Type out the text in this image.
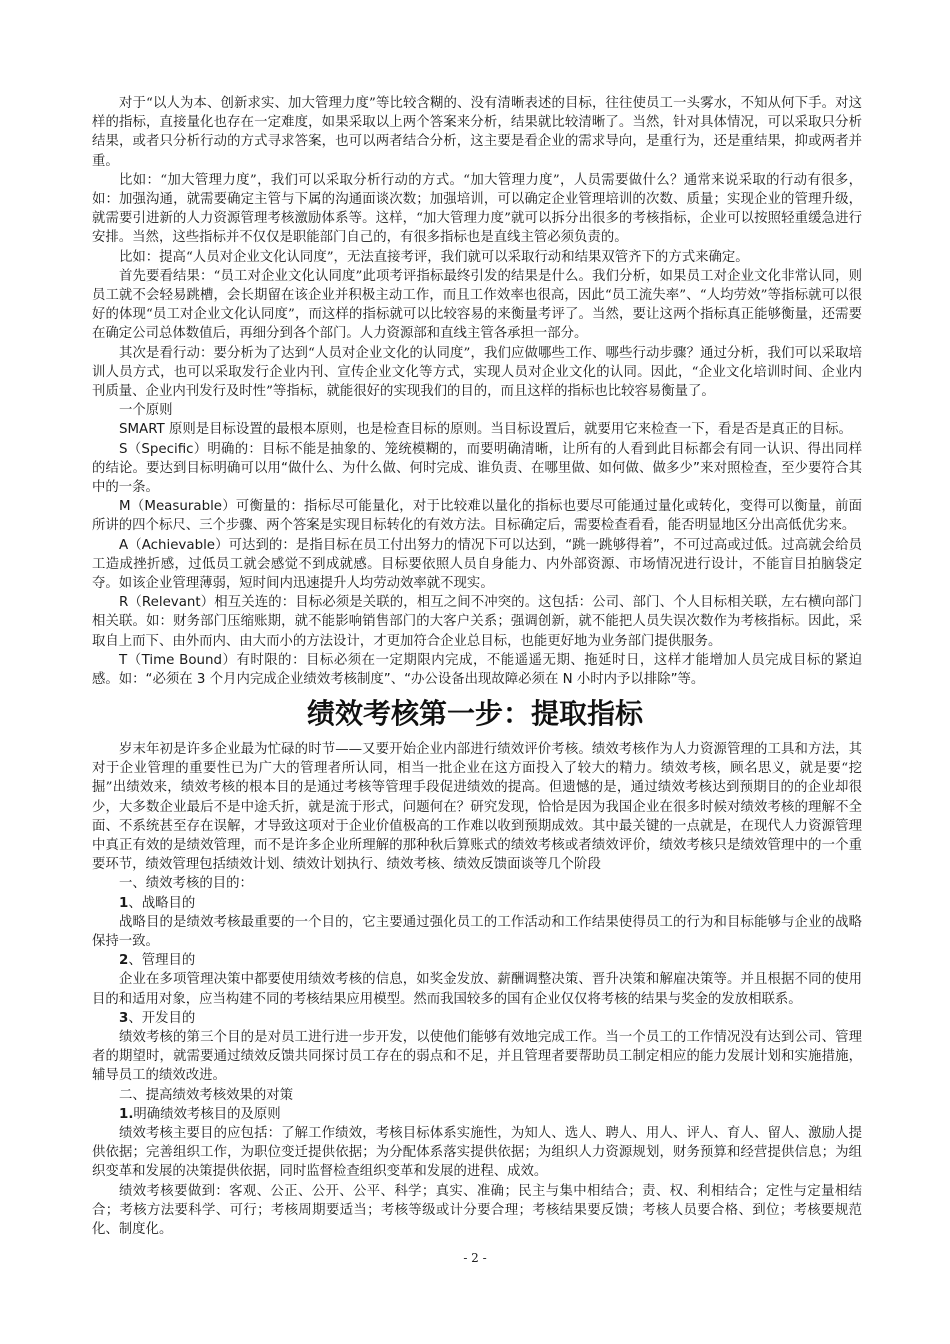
对于“以人为本、创新求实、加大管理力度”等比较含糊的、没有清晰表述的目标，往往使员工一头雾水，不知从何下手。对这样的指标，直接量化也存在一定难度，如果采取以上两个答案来分析，结果就比较清晰了。当然，针对具体情况，可以采取只分析结果，或者只分析行动的方式寻求答案，也可以两者结合分析，这主要是看企业的需求导向，是重行为，还是重结果，抑或两者并重。

比如：“加大管理力度”，我们可以采取分析行动的方式。“加大管理力度”，人员需要做什么？通常来说采取的行动有很多，如：加强沟通，就需要确定主管与下属的沟通面谈次数；加强培训，可以确定企业管理培训的次数、质量；实现企业的管理升级，就需要引进新的人力资源管理考核激励体系等。这样，“加大管理力度”就可以拆分出很多的考核指标，企业可以按照轻重缓急进行安排。当然，这些指标并不仅仅是职能部门自己的，有很多指标也是直线主管必须负责的。

比如：提高“人员对企业文化认同度”，无法直接考评，我们就可以采取行动和结果双管齐下的方式来确定。

首先要看结果：“员工对企业文化认同度”此项考评指标最终引发的结果是什么。我们分析，如果员工对企业文化非常认同，则员工就不会轻易跳槽，会长期留在该企业并积极主动工作，而且工作效率也很高，因此“员工流失率”、“人均劳效”等指标就可以很好的体现“员工对企业文化认同度”，而这样的指标就可以比较容易的来衡量考评了。当然，要让这两个指标真正能够衡量，还需要在确定公司总体数值后，再细分到各个部门。人力资源部和直线主管各承担一部分。

其次是看行动：要分析为了达到“人员对企业文化的认同度”，我们应做哪些工作、哪些行动步骤？通过分析，我们可以采取培训人员方式，也可以采取发行企业内刊、宣传企业文化等方式，实现人员对企业文化的认同。因此，“企业文化培训时间、企业内刊质量、企业内刊发行及时性”等指标，就能很好的实现我们的目的，而且这样的指标也比较容易衡量了。

一个原则

SMART 原则是目标设置的最根本原则，也是检查目标的原则。当目标设置后，就要用它来检查一下，看是否是真正的目标。

S（Specific）明确的：目标不能是抽象的、笼统模糊的，而要明确清晰，让所有的人看到此目标都会有同一认识、得出同样的结论。要达到目标明确可以用“做什么、为什么做、何时完成、谁负责、在哪里做、如何做、做多少”来对照检查，至少要符合其中的一条。

M（Measurable）可衡量的：指标尽可能量化，对于比较难以量化的指标也要尽可能通过量化或转化，变得可以衡量，前面所讲的四个标尺、三个步骤、两个答案是实现目标转化的有效方法。目标确定后，需要检查看看，能否明显地区分出高低优劣来。

A（Achievable）可达到的：是指目标在员工付出努力的情况下可以达到，“跳一跳够得着”，不可过高或过低。过高就会给员工造成挫折感，过低员工就会感觉不到成就感。目标要依照人员自身能力、内外部资源、市场情况进行设计，不能盲目拍脑袋定夺。如该企业管理薄弱，短时间内迅速提升人均劳动效率就不现实。

R（Relevant）相互关连的：目标必须是关联的，相互之间不冲突的。这包括：公司、部门、个人目标相关联，左右横向部门相关联。如：财务部门压缩账期，就不能影响销售部门的大客户关系；强调创新，就不能把人员失误次数作为考核指标。因此，采取自上而下、由外而内、由大而小的方法设计，才更加符合企业总目标，也能更好地为业务部门提供服务。

T（Time Bound）有时限的：目标必须在一定期限内完成，不能遥遥无期、拖延时日，这样才能增加人员完成目标的紧迫感。如：“必须在 3 个月内完成企业绩效考核制度”、“办公设备出现故障必须在 N 小时内予以排除”等。

绩效考核第一步：提取指标

岁末年初是许多企业最为忙碌的时节——又要开始企业内部进行绩效评价考核。绩效考核作为人力资源管理的工具和方法，其对于企业管理的重要性已为广大的管理者所认同，相当一批企业在这方面投入了较大的精力。绩效考核，顾名思义，就是要“挖掘”出绩效来，绩效考核的根本目的是通过考核等管理手段促进绩效的提高。但遗憾的是，通过绩效考核达到预期目的的企业却很少，大多数企业最后不是中途夭折，就是流于形式，问题何在？研究发现，恰恰是因为我国企业在很多时候对绩效考核的理解不全面、不系统甚至存在误解，才导致这项对于企业价值极高的工作难以收到预期成效。其中最关键的一点就是，在现代人力资源管理中真正有效的是绩效管理，而不是许多企业所理解的那种秋后算账式的绩效考核或者绩效评价，绩效考核只是绩效管理中的一个重要环节，绩效管理包括绩效计划、绩效计划执行、绩效考核、绩效反馈面谈等几个阶段

一、绩效考核的目的：

1、战略目的

战略目的是绩效考核最重要的一个目的，它主要通过强化员工的工作活动和工作结果使得员工的行为和目标能够与企业的战略保持一致。

2、管理目的

企业在多项管理决策中都要使用绩效考核的信息，如奖金发放、薪酬调整决策、晋升决策和解雇决策等。并且根据不同的使用目的和适用对象，应当构建不同的考核结果应用模型。然而我国较多的国有企业仅仅将考核的结果与奖金的发放相联系。

3、开发目的

绩效考核的第三个目的是对员工进行进一步开发，以使他们能够有效地完成工作。当一个员工的工作情况没有达到公司、管理者的期望时，就需要通过绩效反馈共同探讨员工存在的弱点和不足，并且管理者要帮助员工制定相应的能力发展计划和实施措施，辅导员工的绩效改进。

二、提高绩效考核效果的对策

1.明确绩效考核目的及原则

绩效考核主要目的应包括：了解工作绩效，考核目标体系实施性，为知人、选人、聘人、用人、评人、育人、留人、激励人提供依据；完善组织工作，为职位变迁提供依据；为分配体系落实提供依据；为组织人力资源规划，财务预算和经营提供信息；为组织变革和发展的决策提供依据，同时监督检查组织变革和发展的进程、成效。

绩效考核要做到：客观、公正、公开、公平、科学；真实、准确；民主与集中相结合；责、权、利相结合；定性与定量相结合；考核方法要科学、可行；考核周期要适当；考核等级或计分要合理；考核结果要反馈；考核人员要合格、到位；考核要规范化、制度化。

- 2 -
